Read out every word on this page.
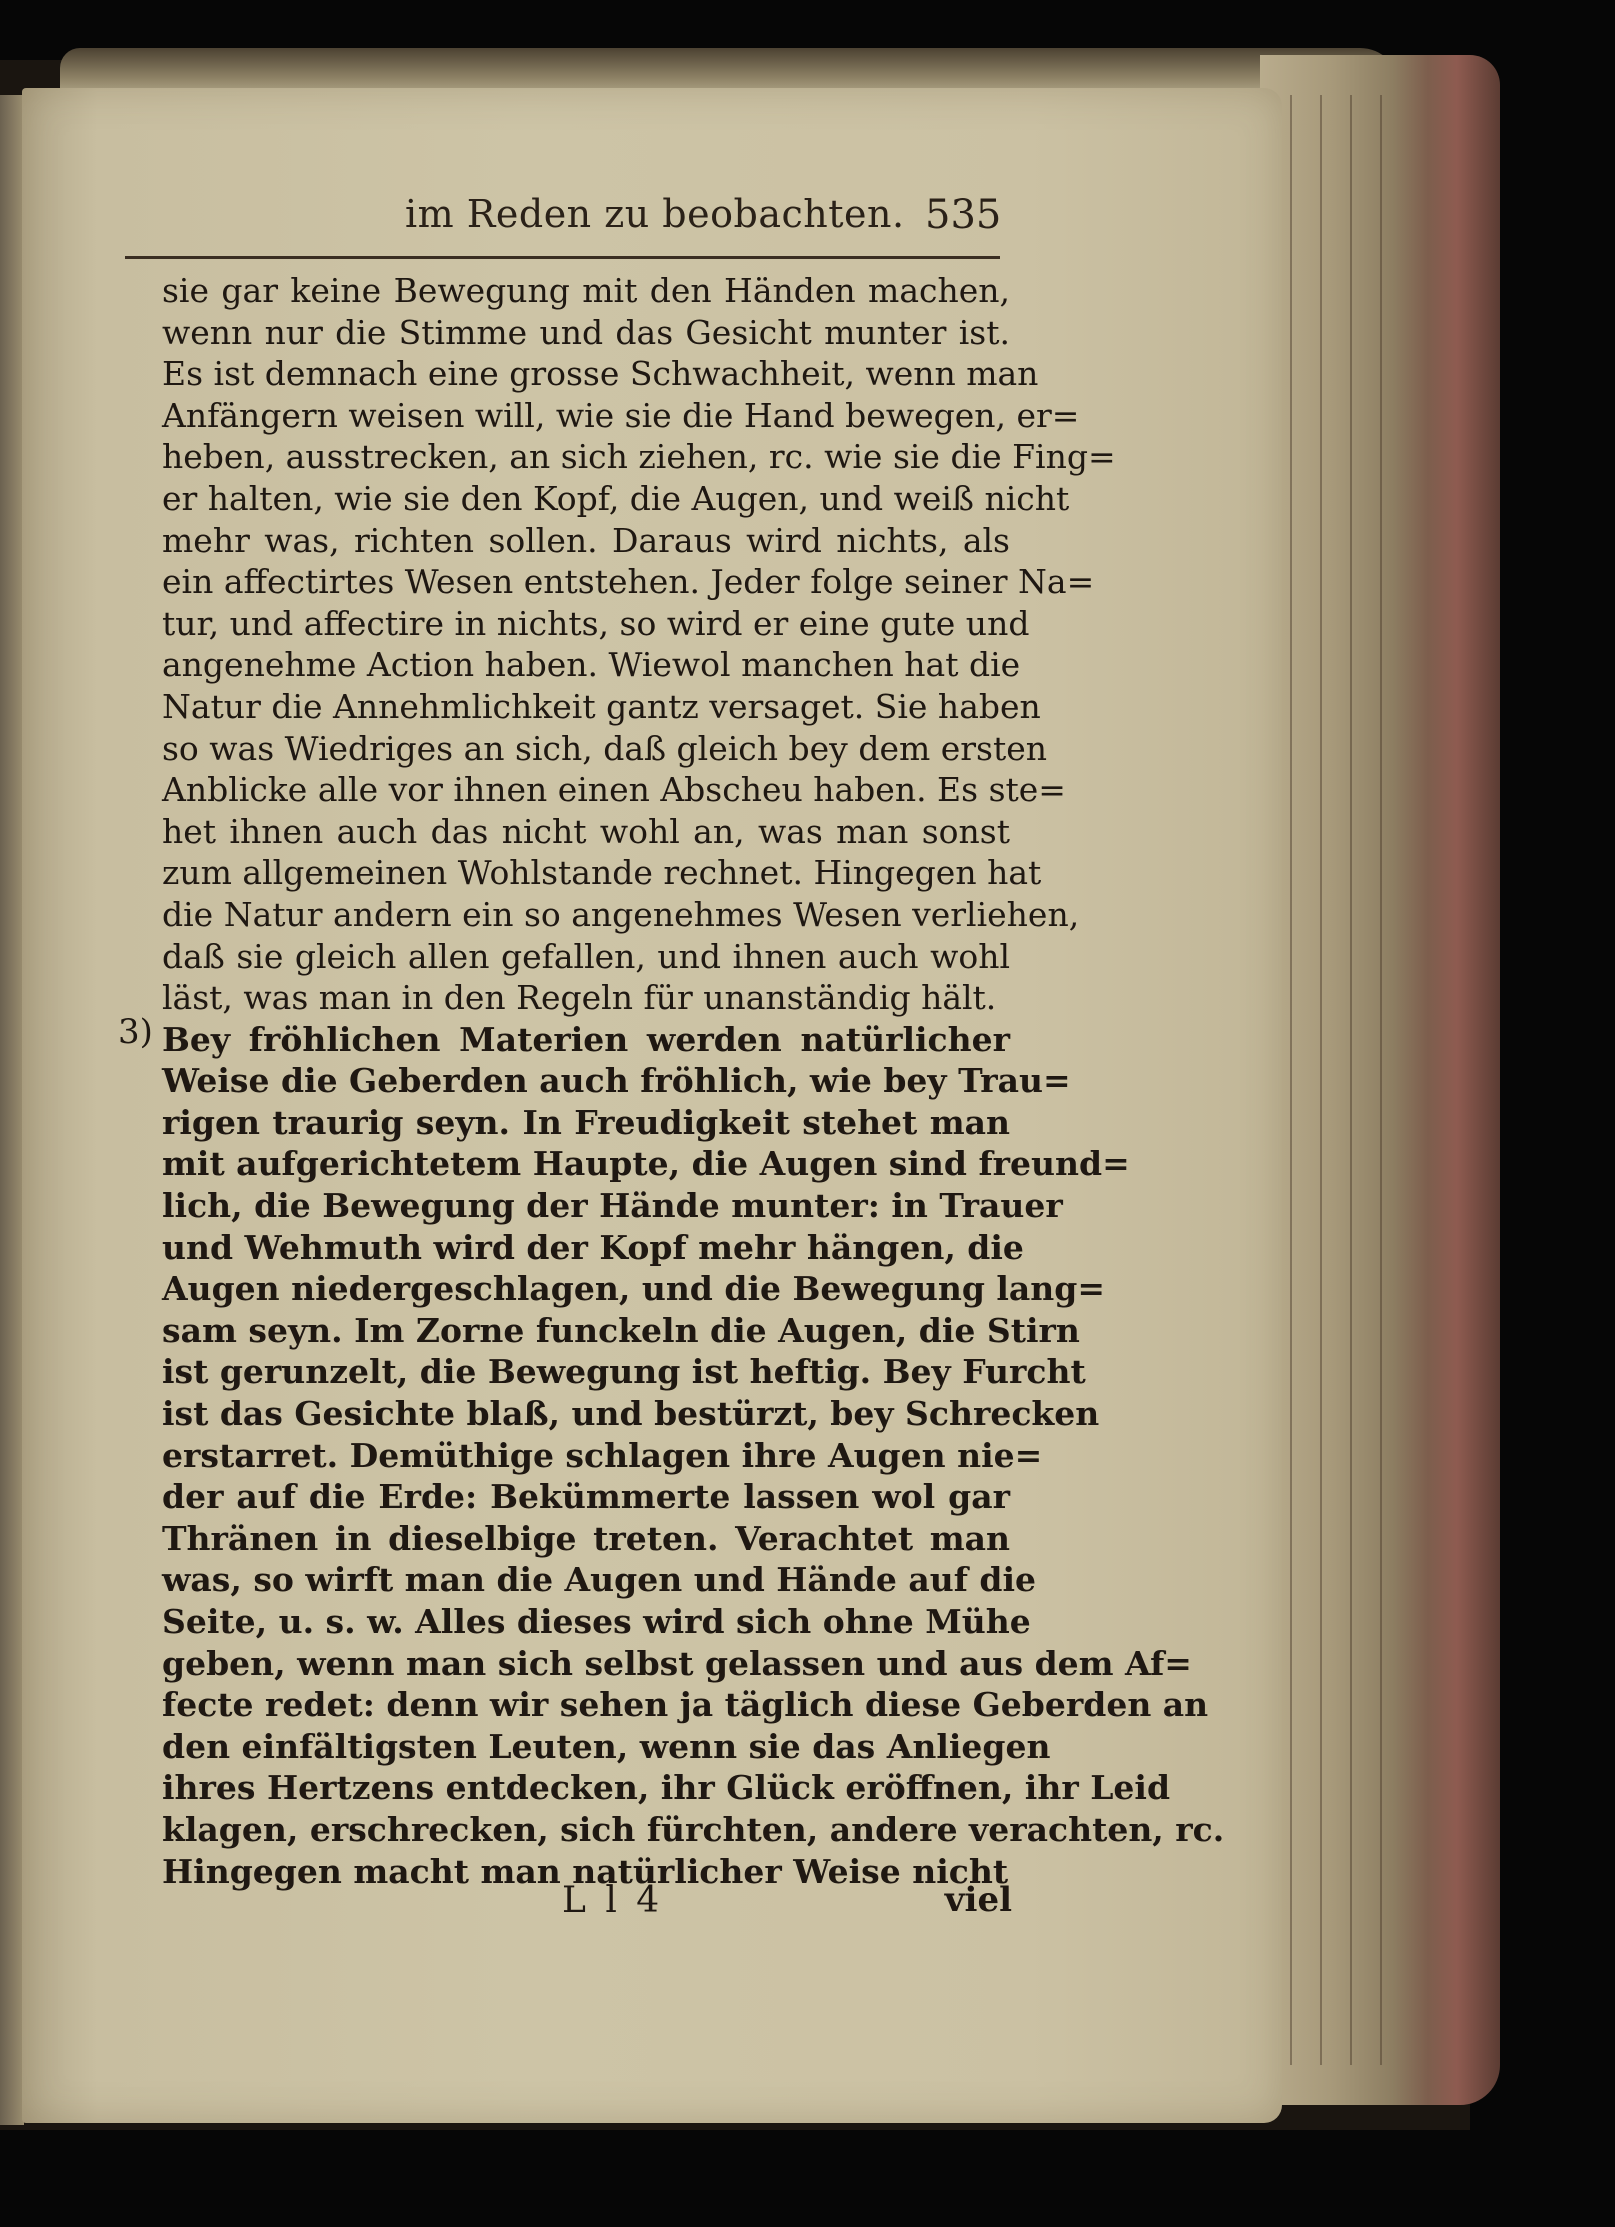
im Reden zu beobachten. 535
3)
sie gar keine Bewegung mit den Händen machen,
wenn nur die Stimme und das Gesicht munter ist.
Es ist demnach eine grosse Schwachheit, wenn man
Anfängern weisen will, wie sie die Hand bewegen, er=
heben, ausstrecken, an sich ziehen, rc. wie sie die Fing=
er halten, wie sie den Kopf, die Augen, und weiß nicht
mehr was, richten sollen. Daraus wird nichts, als
ein affectirtes Wesen entstehen. Jeder folge seiner Na=
tur, und affectire in nichts, so wird er eine gute und
angenehme Action haben. Wiewol manchen hat die
Natur die Annehmlichkeit gantz versaget. Sie haben
so was Wiedriges an sich, daß gleich bey dem ersten
Anblicke alle vor ihnen einen Abscheu haben. Es ste=
het ihnen auch das nicht wohl an, was man sonst
zum allgemeinen Wohlstande rechnet. Hingegen hat
die Natur andern ein so angenehmes Wesen verliehen,
daß sie gleich allen gefallen, und ihnen auch wohl
läst, was man in den Regeln für unanständig hält.
Bey fröhlichen Materien werden natürlicher
Weise die Geberden auch fröhlich, wie bey Trau=
rigen traurig seyn. In Freudigkeit stehet man
mit aufgerichtetem Haupte, die Augen sind freund=
lich, die Bewegung der Hände munter: in Trauer
und Wehmuth wird der Kopf mehr hängen, die
Augen niedergeschlagen, und die Bewegung lang=
sam seyn. Im Zorne funckeln die Augen, die Stirn
ist gerunzelt, die Bewegung ist heftig. Bey Furcht
ist das Gesichte blaß, und bestürzt, bey Schrecken
erstarret. Demüthige schlagen ihre Augen nie=
der auf die Erde: Bekümmerte lassen wol gar
Thränen in dieselbige treten. Verachtet man
was, so wirft man die Augen und Hände auf die
Seite, u. s. w. Alles dieses wird sich ohne Mühe
geben, wenn man sich selbst gelassen und aus dem Af=
fecte redet: denn wir sehen ja täglich diese Geberden an
den einfältigsten Leuten, wenn sie das Anliegen
ihres Hertzens entdecken, ihr Glück eröffnen, ihr Leid
klagen, erschrecken, sich fürchten, andere verachten, rc.
Hingegen macht man natürlicher Weise nicht
L l 4	viel
